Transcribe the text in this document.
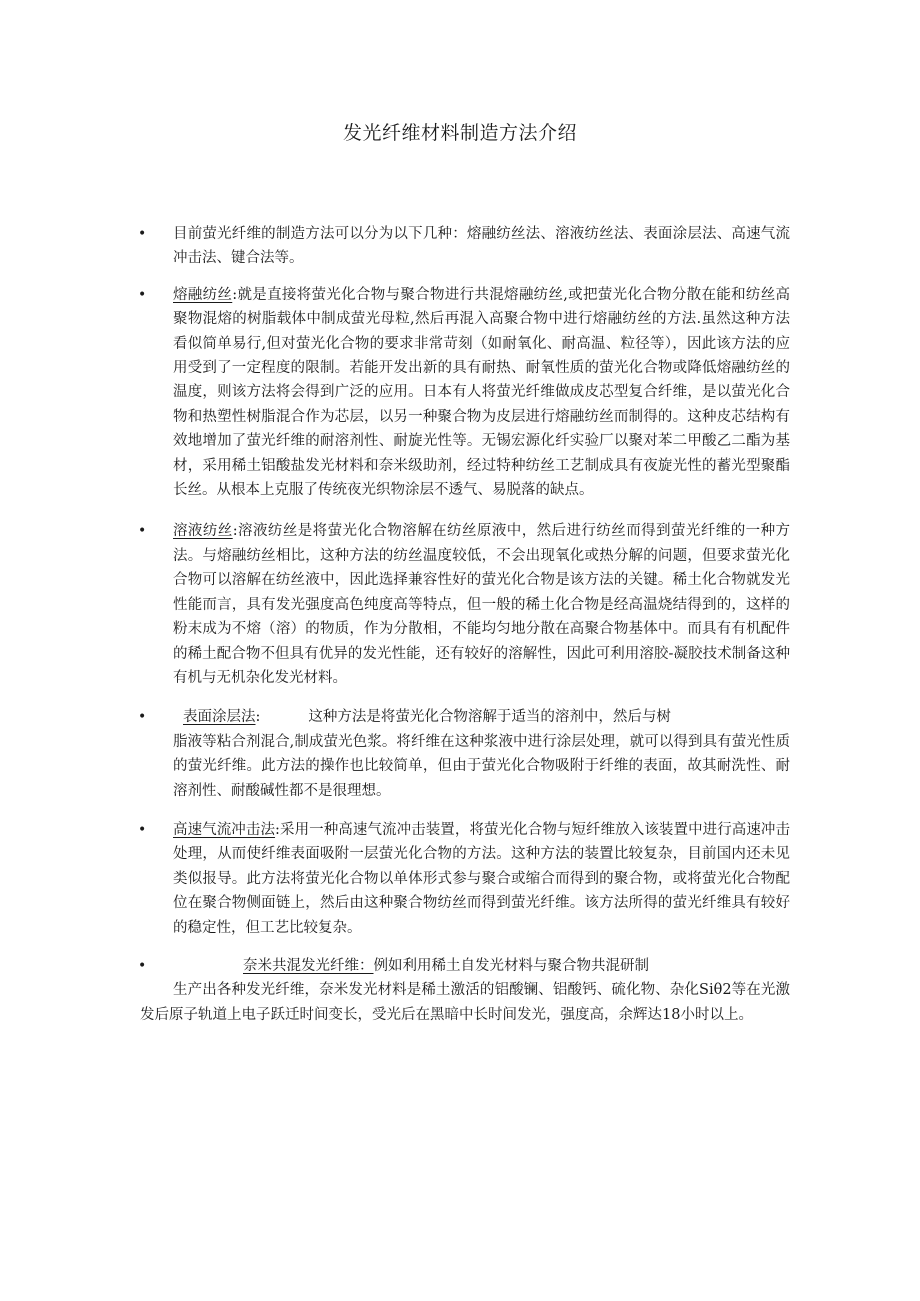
发光纤维材料制造方法介绍
• 目前萤光纤维的制造方法可以分为以下几种：熔融纺丝法、溶液纺丝法、表面涂层法、高速气流冲击法、键合法等。
• 熔融纺丝:就是直接将萤光化合物与聚合物进行共混熔融纺丝,或把萤光化合物分散在能和纺丝高聚物混熔的树脂载体中制成萤光母粒,然后再混入高聚合物中进行熔融纺丝的方法.虽然这种方法看似简单易行,但对萤光化合物的要求非常苛刻（如耐氧化、耐高温、粒径等），因此该方法的应用受到了一定程度的限制。若能开发出新的具有耐热、耐氧性质的萤光化合物或降低熔融纺丝的温度，则该方法将会得到广泛的应用。日本有人将萤光纤维做成皮芯型复合纤维，是以萤光化合物和热塑性树脂混合作为芯层，以另一种聚合物为皮层进行熔融纺丝而制得的。这种皮芯结构有效地增加了萤光纤维的耐溶剂性、耐旋光性等。无锡宏源化纤实验厂以聚对苯二甲酸乙二酯为基材，采用稀土铝酸盐发光材料和奈米级助剂，经过特种纺丝工艺制成具有夜旋光性的蓄光型聚酯长丝。从根本上克服了传统夜光织物涂层不透气、易脱落的缺点。
• 溶液纺丝:溶液纺丝是将萤光化合物溶解在纺丝原液中，然后进行纺丝而得到萤光纤维的一种方法。与熔融纺丝相比，这种方法的纺丝温度较低，不会出现氧化或热分解的问题，但要求萤光化合物可以溶解在纺丝液中，因此选择兼容性好的萤光化合物是该方法的关键。稀土化合物就发光性能而言，具有发光强度高色纯度高等特点，但一般的稀土化合物是经高温烧结得到的，这样的粉末成为不熔（溶）的物质，作为分散相，不能均匀地分散在高聚合物基体中。而具有有机配件的稀土配合物不但具有优异的发光性能，还有较好的溶解性，因此可利用溶胶-凝胶技术制备这种有机与无机杂化发光材料。
•	表面涂层法:	这种方法是将萤光化合物溶解于适当的溶剂中，然后与树
脂液等粘合剂混合,制成萤光色浆。将纤维在这种浆液中进行涂层处理，就可以得到具有萤光性质的萤光纤维。此方法的操作也比较简单，但由于萤光化合物吸附于纤维的表面，故其耐洗性、耐溶剂性、耐酸碱性都不是很理想。
• 高速气流冲击法:采用一种高速气流冲击装置，将萤光化合物与短纤维放入该装置中进行高速冲击处理，从而使纤维表面吸附一层萤光化合物的方法。这种方法的装置比较复杂，目前国内还未见类似报导。此方法将萤光化合物以单体形式参与聚合或缩合而得到的聚合物，或将萤光化合物配位在聚合物侧面链上，然后由这种聚合物纺丝而得到萤光纤维。该方法所得的萤光纤维具有较好的稳定性，但工艺比较复杂。
•	奈米共混发光纤维：例如利用稀土自发光材料与聚合物共混研制
生产出各种发光纤维，奈米发光材料是稀土激活的铝酸镧、铝酸钙、硫化物、杂化Siθ2等在光激发后原子轨道上电子跃迁时间变长，受光后在黑暗中长时间发光，强度高，余辉达18小时以上。
